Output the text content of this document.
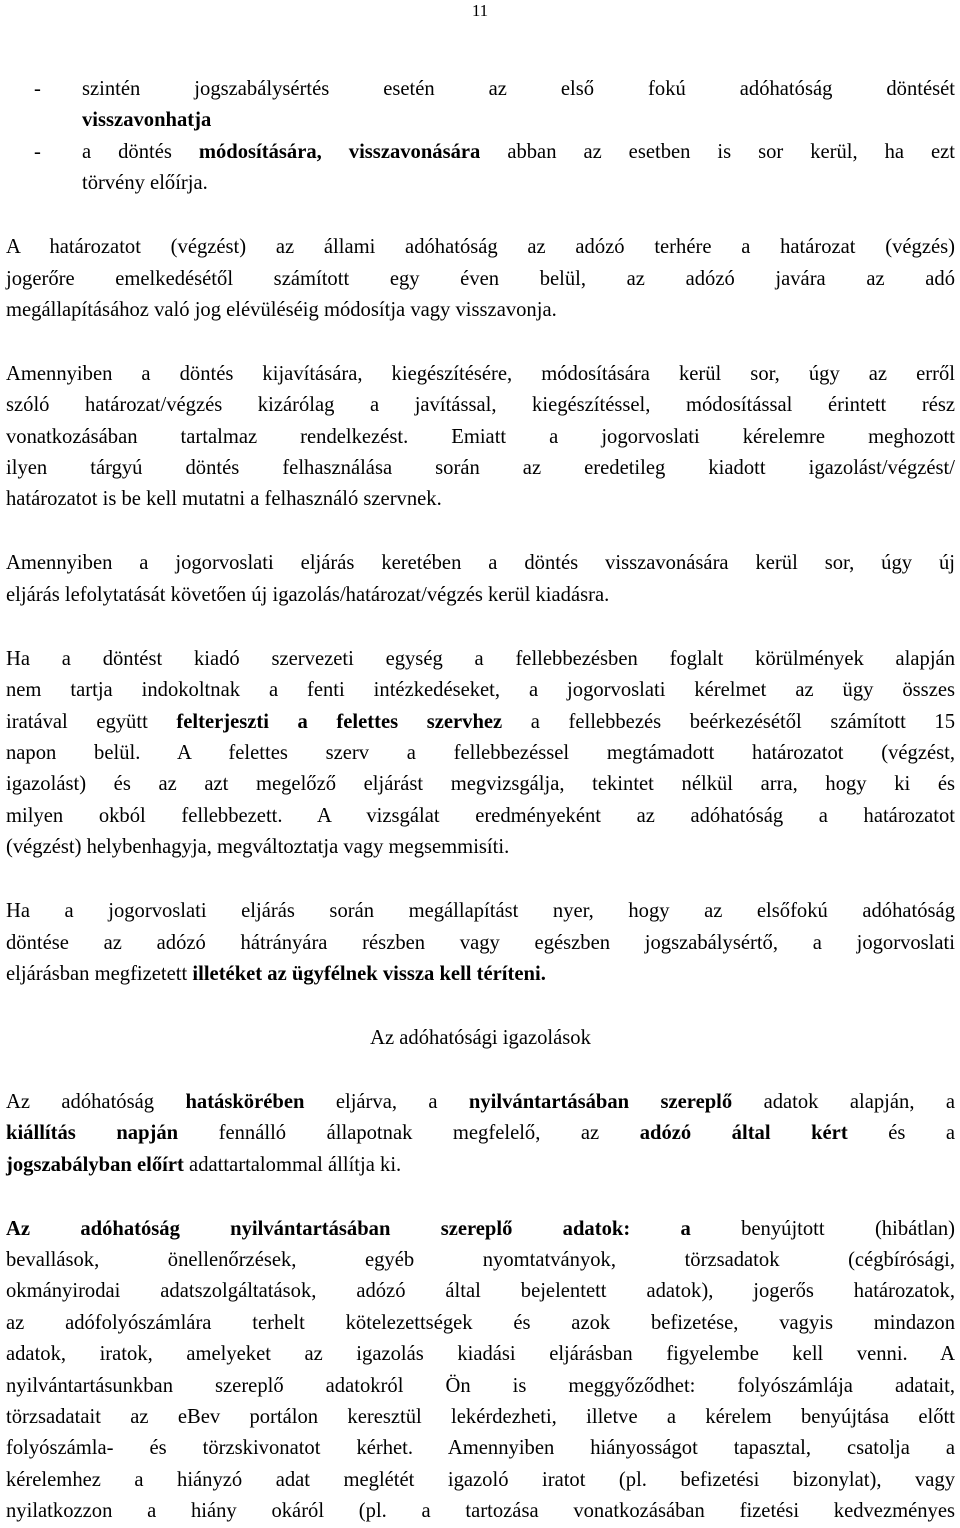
11
- szintén jogszabálysértés esetén az első fokú adóhatóság döntését
visszavonhatja
- a döntés módosítására, visszavonására abban az esetben is sor kerül, ha ezt
törvény előírja.
A határozatot (végzést) az állami adóhatóság az adózó terhére a határozat (végzés)
jogerőre emelkedésétől számított egy éven belül, az adózó javára az adó
megállapításához való jog elévüléséig módosítja vagy visszavonja.
Amennyiben a döntés kijavítására, kiegészítésére, módosítására kerül sor, úgy az erről
szóló határozat/végzés kizárólag a javítással, kiegészítéssel, módosítással érintett rész
vonatkozásában tartalmaz rendelkezést. Emiatt a jogorvoslati kérelemre meghozott
ilyen tárgyú döntés felhasználása során az eredetileg kiadott igazolást/végzést/
határozatot is be kell mutatni a felhasználó szervnek.
Amennyiben a jogorvoslati eljárás keretében a döntés visszavonására kerül sor, úgy új
eljárás lefolytatását követően új igazolás/határozat/végzés kerül kiadásra.
Ha a döntést kiadó szervezeti egység a fellebbezésben foglalt körülmények alapján
nem tartja indokoltnak a fenti intézkedéseket, a jogorvoslati kérelmet az ügy összes
iratával együtt felterjeszti a felettes szervhez a fellebbezés beérkezésétől számított 15
napon belül. A felettes szerv a fellebbezéssel megtámadott határozatot (végzést,
igazolást) és az azt megelőző eljárást megvizsgálja, tekintet nélkül arra, hogy ki és
milyen okból fellebbezett. A vizsgálat eredményeként az adóhatóság a határozatot
(végzést) helybenhagyja, megváltoztatja vagy megsemmisíti.
Ha a jogorvoslati eljárás során megállapítást nyer, hogy az elsőfokú adóhatóság
döntése az adózó hátrányára részben vagy egészben jogszabálysértő, a jogorvoslati
eljárásban megfizetett illetéket az ügyfélnek vissza kell téríteni.
Az adóhatósági igazolások
Az adóhatóság hatáskörében eljárva, a nyilvántartásában szereplő adatok alapján, a
kiállítás napján fennálló állapotnak megfelelő, az adózó által kért és a
jogszabályban előírt adattartalommal állítja ki.
Az adóhatóság nyilvántartásában szereplő adatok: a benyújtott (hibátlan)
bevallások, önellenőrzések, egyéb nyomtatványok, törzsadatok (cégbírósági,
okmányirodai adatszolgáltatások, adózó által bejelentett adatok), jogerős határozatok,
az adófolyószámlára terhelt kötelezettségek és azok befizetése, vagyis mindazon
adatok, iratok, amelyeket az igazolás kiadási eljárásban figyelembe kell venni. A
nyilvántartásunkban szereplő adatokról Ön is meggyőződhet: folyószámlája adatait,
törzsadatait az eBev portálon keresztül lekérdezheti, illetve a kérelem benyújtása előtt
folyószámla- és törzskivonatot kérhet. Amennyiben hiányosságot tapasztal, csatolja a
kérelemhez a hiányzó adat meglétét igazoló iratot (pl. befizetési bizonylat), vagy
nyilatkozzon a hiány okáról (pl. a tartozása vonatkozásában fizetési kedvezményes
